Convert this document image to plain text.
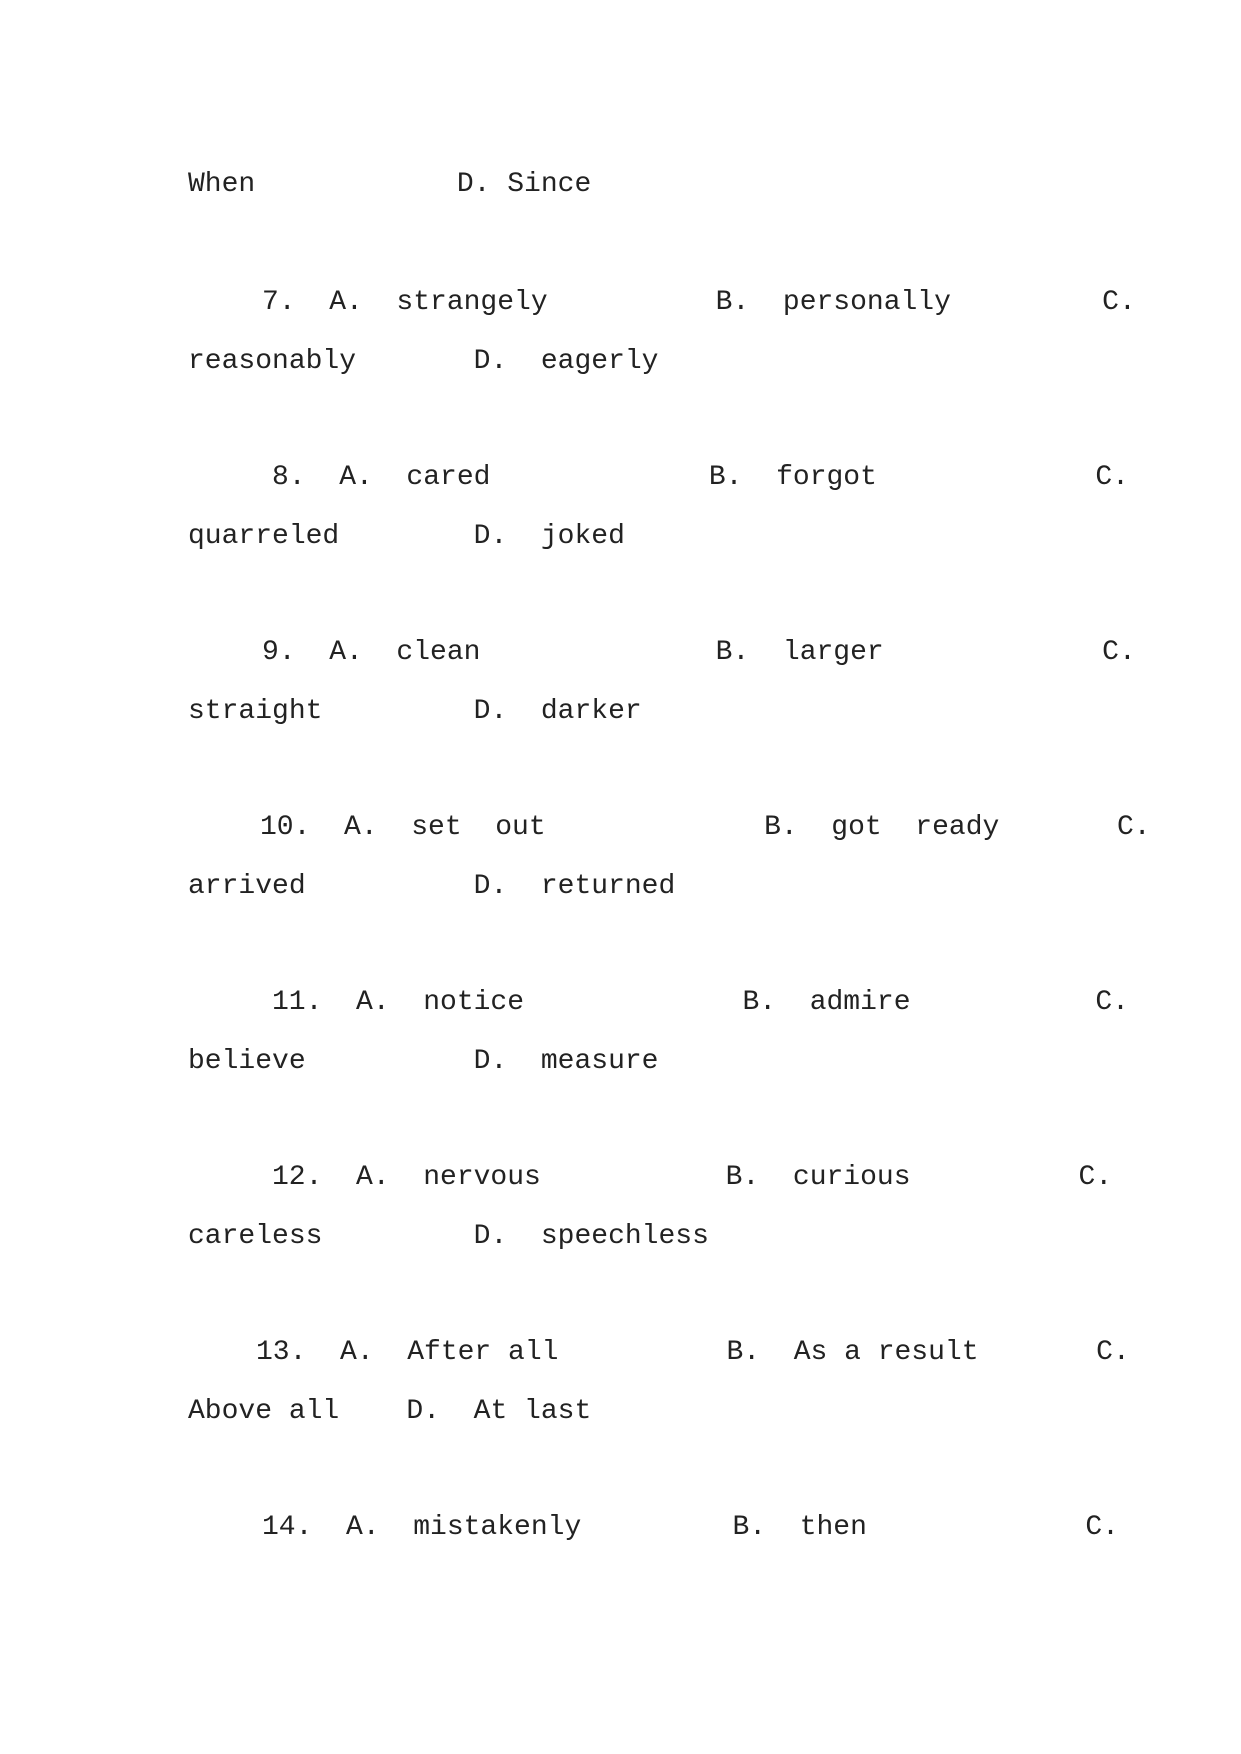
When            D. Since
7.  A.  strangely          B.  personally         C.
reasonably       D.  eagerly
8.  A.  cared             B.  forgot             C.
quarreled        D.  joked
9.  A.  clean              B.  larger             C.
straight         D.  darker
10.  A.  set  out             B.  got  ready       C.
arrived          D.  returned
11.  A.  notice             B.  admire           C.
believe          D.  measure
12.  A.  nervous           B.  curious          C.
careless         D.  speechless
13.  A.  After all          B.  As a result       C.
Above all    D.  At last
14.  A.  mistakenly         B.  then             C.
